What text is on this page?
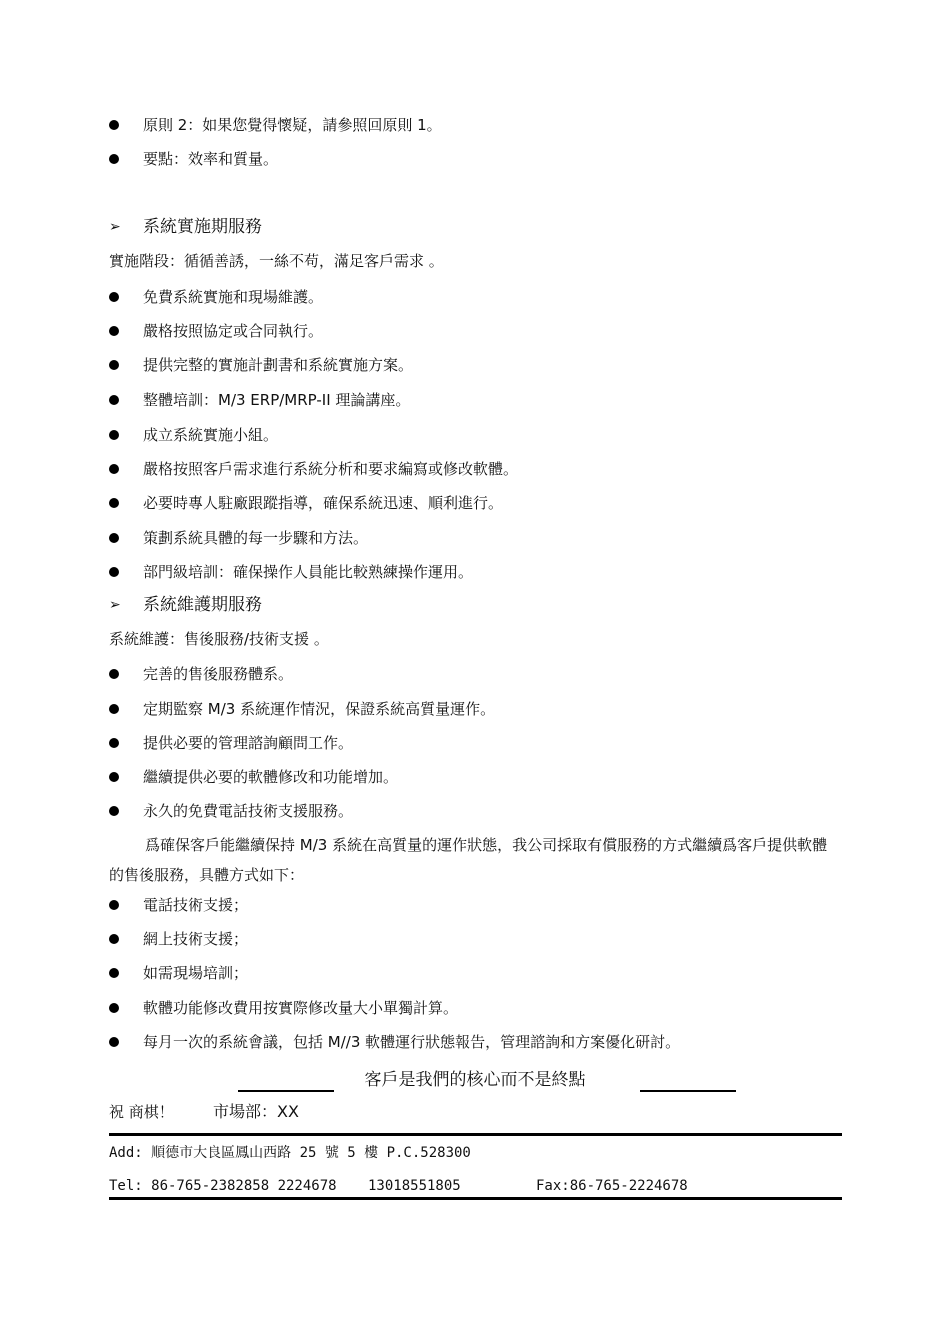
原則 2：如果您覺得懷疑，請參照回原則 1。
要點：效率和質量。
➢ 系統實施期服務
實施階段：循循善誘，一絲不苟，滿足客戶需求 。
免費系統實施和現場維護。
嚴格按照協定或合同執行。
提供完整的實施計劃書和系統實施方案。
整體培訓：M/3 ERP/MRP-II 理論講座。
成立系統實施小組。
嚴格按照客戶需求進行系統分析和要求編寫或修改軟體。
必要時專人駐廠跟蹤指導，確保系統迅速、順利進行。
策劃系統具體的每一步驟和方法。
部門級培訓：確保操作人員能比較熟練操作運用。
➢ 系統維護期服務
系統維護：售後服務/技術支援 。
完善的售後服務體系。
定期監察 M/3 系統運作情況，保證系統高質量運作。
提供必要的管理諮詢顧問工作。
繼續提供必要的軟體修改和功能增加。
永久的免費電話技術支援服務。
爲確保客戶能繼續保持 M/3 系統在高質量的運作狀態，我公司採取有償服務的方式繼續爲客戶提供軟體的售後服務，具體方式如下：
電話技術支援；
網上技術支援；
如需現場培訓；
軟體功能修改費用按實際修改量大小單獨計算。
每月一次的系統會議，包括 M//3 軟體運行狀態報告，管理諮詢和方案優化研討。
客戶是我們的核心而不是終點
祝 商棋！ 市場部：XX
Add: 順德市大良區鳳山西路 25 號 5 樓 P.C.528300
Tel: 86-765-2382858 2224678 13018551805	Fax:86-765-2224678
